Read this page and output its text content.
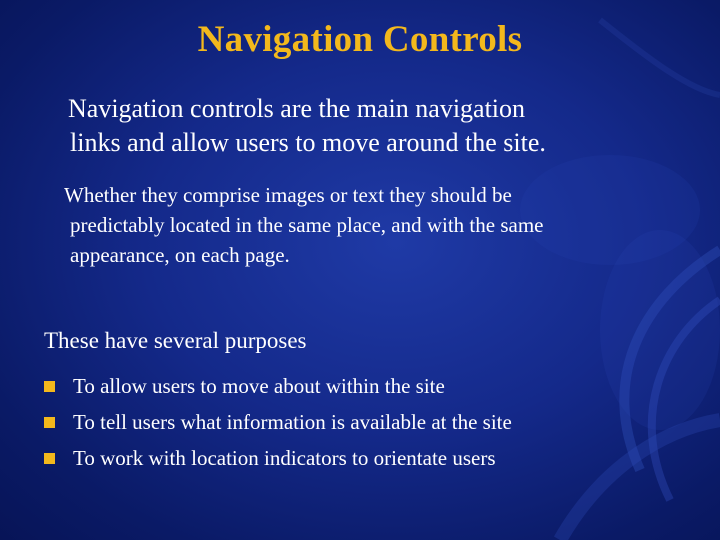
Navigation Controls
Navigation controls are the main navigation
links and allow users to move around the site.
Whether they comprise images or text they should be
predictably located in the same place, and with the same
appearance, on each page.
These have several purposes
To allow users to move about within the site
To tell users what information is available at the site
To work with location indicators to orientate users
